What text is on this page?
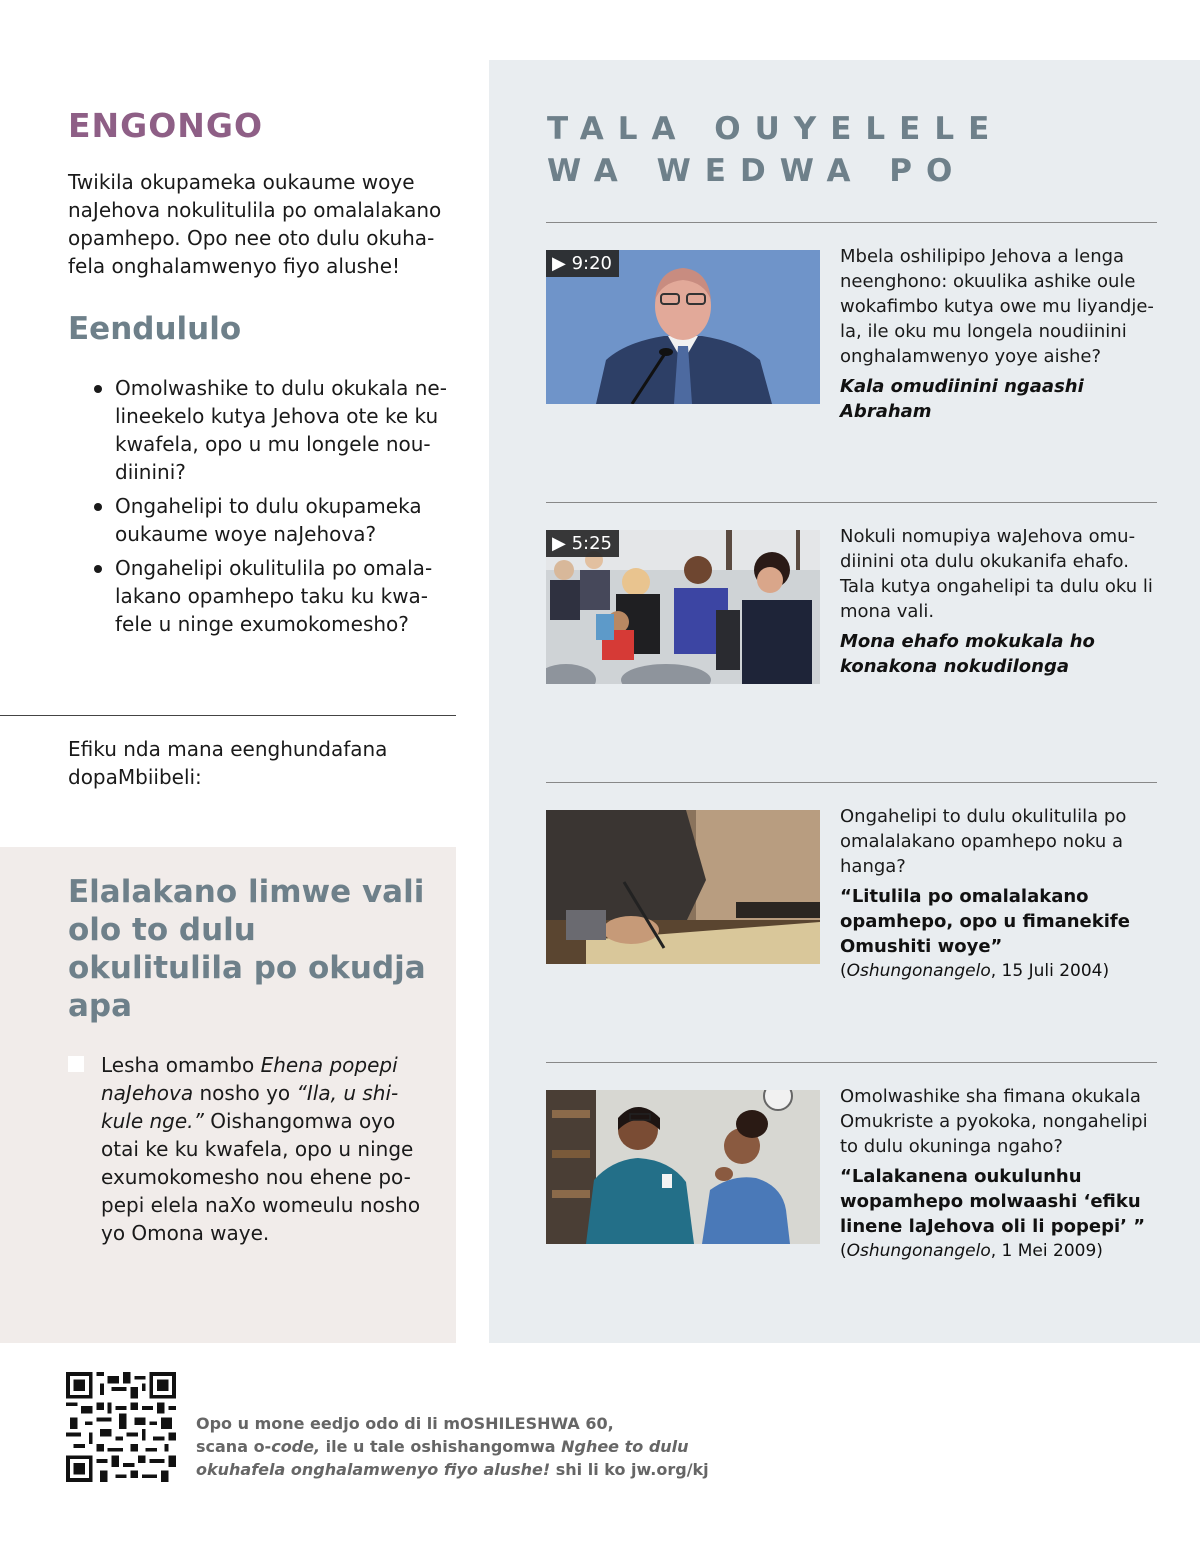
ENGONGO

Twikila okupameka oukaume woye naJehova nokulitulila po omalalakano opamhepo. Opo nee oto dulu okuha-fela onghalamwenyo fiyo alushe!

Eendululo
Omolwashike to dulu okukala ne-lineekelo kutya Jehova ote ke ku kwafela, opo u mu longele nou-diinini?
Ongahelipi to dulu okupameka oukaume woye naJehova?
Ongahelipi okulitulila po omala-lakano opamhepo taku ku kwa-fele u ninge exumokomesho?

Efiku nda mana eenghundafana dopaMbiibeli:

Elalakano limwe vali olo to dulu okulitulila po okudja apa

Lesha omambo Ehena popepi naJehova nosho yo “Ila, u shi-kule nge.” Oishangomwa oyo otai ke ku kwafela, opo u ninge exumokomesho nou ehene po-pepi elela naXo womeulu nosho yo Omona waye.

TALA OUYELELE WA WEDWA PO
▶ 9:20	Mbela oshilipipo Jehova a lenga neenghono: okuulika ashike oule wokafimbo kutya owe mu liyandje-la, ile oku mu longela noudiinini onghalamwenyo yoye aishe?

Kala omudiinini ngaashi Abraham

▶ 5:25	Nokuli nomupiya waJehova omu-diinini ota dulu okukanifa ehafo. Tala kutya ongahelipi ta dulu oku li mona vali.

Mona ehafo mokukala ho konakona nokudilonga

Ongahelipi to dulu okulitulila po omalalakano opamhepo noku a hanga?

“Litulila po omalalakano opamhepo, opo u fimanekife Omushiti woye”

(Oshungonangelo, 15 Juli 2004)

Omolwashike sha fimana okukala Omukriste a pyokoka, nongahelipi to dulu okuninga ngaho?

“Lalakanena oukulunhu wopamhepo molwaashi ‘efiku linene laJehova oli li popepi’ ”

(Oshungonangelo, 1 Mei 2009)

Opo u mone eedjo odo di li mOSHILESHWA 60,
scana o-code, ile u tale oshishangomwa Nghee to dulu
okuhafela onghalamwenyo fiyo alushe! shi li ko jw.org/kj
